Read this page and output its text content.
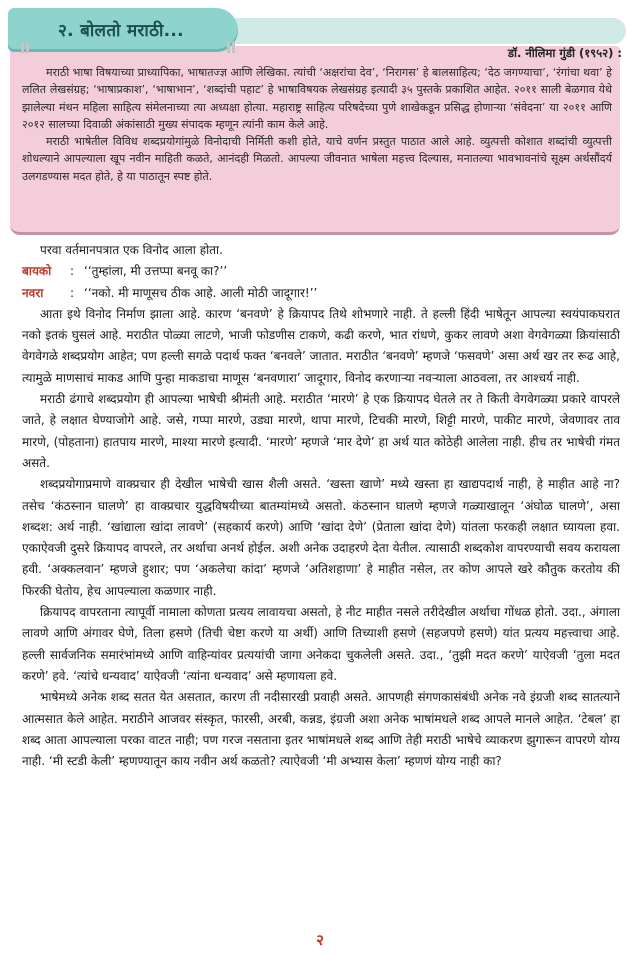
२. बोलतो मराठी...
डॉ. नीलिमा गुंडी (१९५२) :

मराठी भाषा विषयाच्या प्राध्यापिका, भाषातज्ज्ञ आणि लेखिका. त्यांची ‘अक्षरांचा देव’, ‘निरागस’ हे बालसाहित्य; ‘देठ जगण्याचा’, ‘रंगांचा थवा’ हे ललित लेखसंग्रह; ‘भाषाप्रकाश’, ‘भाषाभान’, ‘शब्दांची पहाट’ हे भाषाविषयक लेखसंग्रह इत्यादी ३५ पुस्तके प्रकाशित आहेत. २०११ साली बेळगाव येथे झालेल्या मंथन महिला साहित्य संमेलनाच्या त्या अध्यक्षा होत्या. महाराष्ट्र साहित्य परिषदेच्या पुणे शाखेकडून प्रसिद्ध होणाऱ्या ‘संवेदना’ या २०११ आणि २०१२ सालच्या दिवाळी अंकांसाठी मुख्य संपादक म्हणून त्यांनी काम केले आहे.

मराठी भाषेतील विविध शब्दप्रयोगांमुळे विनोदाची निर्मिती कशी होते, याचे वर्णन प्रस्तुत पाठात आले आहे. व्युत्पत्ती कोशात शब्दांची व्युत्पत्ती शोधल्याने आपल्याला खूप नवीन माहिती कळते, आनंदही मिळतो. आपल्या जीवनात भाषेला महत्त्व दिल्यास, मनातल्या भावभावनांचे सूक्ष्म अर्थसौंदर्य उलगडण्यास मदत होते, हे या पाठातून स्पष्ट होते.

परवा वर्तमानपत्रात एक विनोद आला होता.

बायको	: ‘‘तुम्हांला, मी उत्तप्पा बनवू का?’’
नवरा	: ‘‘नको. मी माणूसच ठीक आहे. आली मोठी जादूगार!’’

आता इथे विनोद निर्माण झाला आहे. कारण ‘बनवणे’ हे क्रियापद तिथे शोभणारे नाही. ते हल्ली हिंदी भाषेतून आपल्या स्वयंपाकघरात नको इतकं घुसलं आहे. मराठीत पोळ्या लाटणे, भाजी फोडणीस टाकणे, कढी करणे, भात रांधणे, कुकर लावणे अशा वेगवेगळ्या क्रियांसाठी वेगवेगळे शब्दप्रयोग आहेत; पण हल्ली सगळे पदार्थ फक्त ‘बनवले’ जातात. मराठीत ‘बनवणे’ म्हणजे ‘फसवणे’ असा अर्थ खर तर रूढ आहे, त्यामुळे माणसाचं माकड आणि पुन्हा माकडाचा माणूस ‘बनवणारा’ जादूगार, विनोद करणाऱ्या नवऱ्याला आठवला, तर आश्चर्य नाही.

मराठी ढंगाचे शब्दप्रयोग ही आपल्या भाषेची श्रीमंती आहे. मराठीत ‘मारणे’ हे एक क्रियापद घेतले तर ते किती वेगवेगळ्या प्रकारे वापरले जाते, हे लक्षात घेण्याजोगे आहे. जसे, गप्पा मारणे, उड्या मारणे, थापा मारणे, टिचकी मारणे, शिट्टी मारणे, पाकीट मारणे, जेवणावर ताव मारणे, (पोहताना) हातपाय मारणे, माश्या मारणे इत्यादी. ‘मारणे’ म्हणजे ‘मार देणे’ हा अर्थ यात कोठेही आलेला नाही. हीच तर भाषेची गंमत असते.

शब्दप्रयोगाप्रमाणे वाक्प्रचार ही देखील भाषेची खास शैली असते. ‘खस्ता खाणे’ मध्ये खस्ता हा खाद्यपदार्थ नाही, हे माहीत आहे ना? तसेच ‘कंठस्नान घालणे’ हा वाक्प्रचार युद्धविषयीच्या बातम्यांमध्ये असतो. कंठस्नान घालणे म्हणजे गळ्याखालून ‘अंघोळ घालणे’, असा शब्दश: अर्थ नाही. ‘खांद्याला खांदा लावणे’ (सहकार्य करणे) आणि ‘खांदा देणे’ (प्रेताला खांदा देणे) यांतला फरकही लक्षात घ्यायला हवा. एकाऐवजी दुसरे क्रियापद वापरले, तर अर्थाचा अनर्थ होईल. अशी अनेक उदाहरणे देता येतील. त्यासाठी शब्दकोश वापरण्याची सवय करायला हवी. ‘अक्कलवान’ म्हणजे हुशार; पण ‘अकलेचा कांदा’ म्हणजे ‘अतिशहाणा’ हे माहीत नसेल, तर कोण आपले खरे कौतुक करतोय की फिरकी घेतोय, हेच आपल्याला कळणार नाही.

क्रियापद वापरताना त्यापूर्वी नामाला कोणता प्रत्यय लावायचा असतो, हे नीट माहीत नसले तरीदेखील अर्थाचा गोंधळ होतो. उदा., अंगाला लावणे आणि अंगावर घेणे, तिला हसणे (तिची चेष्टा करणे या अर्थी) आणि तिच्याशी हसणे (सहजपणे हसणे) यांत प्रत्यय महत्त्वाचा आहे. हल्ली सार्वजनिक समारंभांमध्ये आणि वाहिन्यांवर प्रत्ययांची जागा अनेकदा चुकलेली असते. उदा., ‘तुझी मदत करणे’ याऐवजी ‘तुला मदत करणे’ हवे. ‘त्यांचे धन्यवाद’ याऐवजी ‘त्यांना धन्यवाद’ असे म्हणायला हवे.

भाषेमध्ये अनेक शब्द सतत येत असतात, कारण ती नदीसारखी प्रवाही असते. आपणही संगणकासंबंधी अनेक नवे इंग्रजी शब्द सातत्याने आत्मसात केले आहेत. मराठीने आजवर संस्कृत, फारसी, अरबी, कन्नड, इंग्रजी अशा अनेक भाषांमधले शब्द आपले मानले आहेत. ‘टेबल’ हा शब्द आता आपल्याला परका वाटत नाही; पण गरज नसताना इतर भाषांमधले शब्द आणि तेही मराठी भाषेचे व्याकरण झुगारून वापरणे योग्य नाही. ‘मी स्टडी केली’ म्हणण्यातून काय नवीन अर्थ कळतो? त्याऐवजी ‘मी अभ्यास केला’ म्हणणं योग्य नाही का?

२
